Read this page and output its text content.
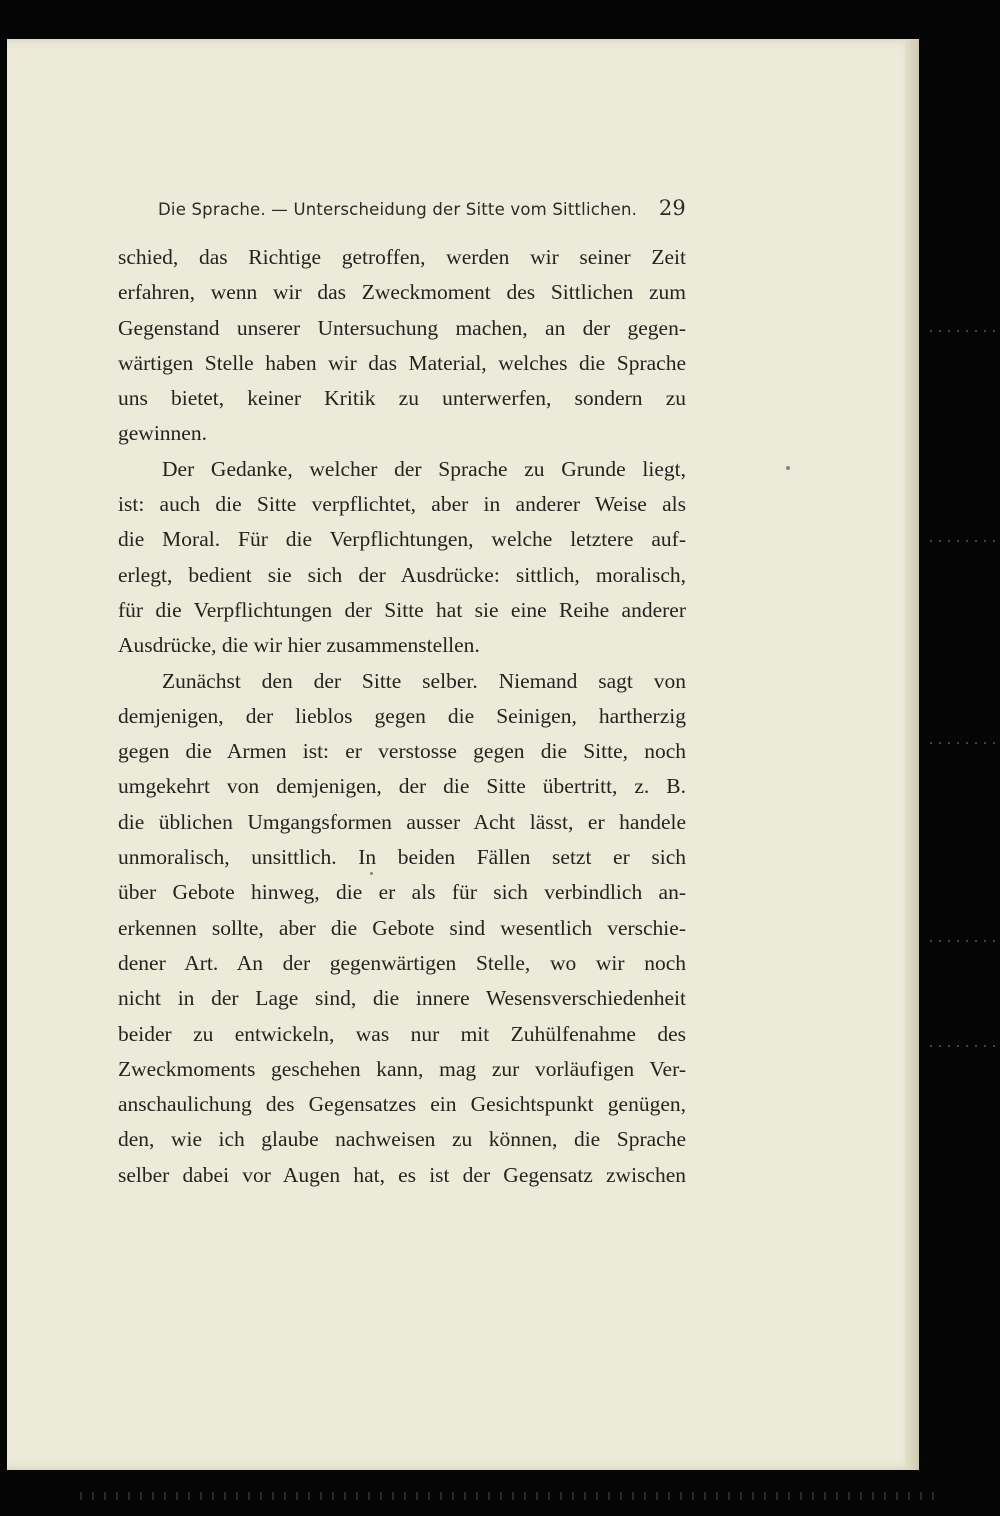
Die Sprache. — Unterscheidung der Sitte vom Sittlichen. 29
schied, das Richtige getroffen, werden wir seiner Zeit
erfahren, wenn wir das Zweckmoment des Sittlichen zum
Gegenstand unserer Untersuchung machen, an der gegen-
wärtigen Stelle haben wir das Material, welches die Sprache
uns bietet, keiner Kritik zu unterwerfen, sondern zu
gewinnen.
Der Gedanke, welcher der Sprache zu Grunde liegt,
ist: auch die Sitte verpflichtet, aber in anderer Weise als
die Moral. Für die Verpflichtungen, welche letztere auf-
erlegt, bedient sie sich der Ausdrücke: sittlich, moralisch,
für die Verpflichtungen der Sitte hat sie eine Reihe anderer
Ausdrücke, die wir hier zusammenstellen.
Zunächst den der Sitte selber. Niemand sagt von
demjenigen, der lieblos gegen die Seinigen, hartherzig
gegen die Armen ist: er verstosse gegen die Sitte, noch
umgekehrt von demjenigen, der die Sitte übertritt, z. B.
die üblichen Umgangsformen ausser Acht lässt, er handele
unmoralisch, unsittlich. In beiden Fällen setzt er sich
über Gebote hinweg, die er als für sich verbindlich an-
erkennen sollte, aber die Gebote sind wesentlich verschie-
dener Art. An der gegenwärtigen Stelle, wo wir noch
nicht in der Lage sind, die innere Wesensverschiedenheit
beider zu entwickeln, was nur mit Zuhülfenahme des
Zweckmoments geschehen kann, mag zur vorläufigen Ver-
anschaulichung des Gegensatzes ein Gesichtspunkt genügen,
den, wie ich glaube nachweisen zu können, die Sprache
selber dabei vor Augen hat, es ist der Gegensatz zwischen
